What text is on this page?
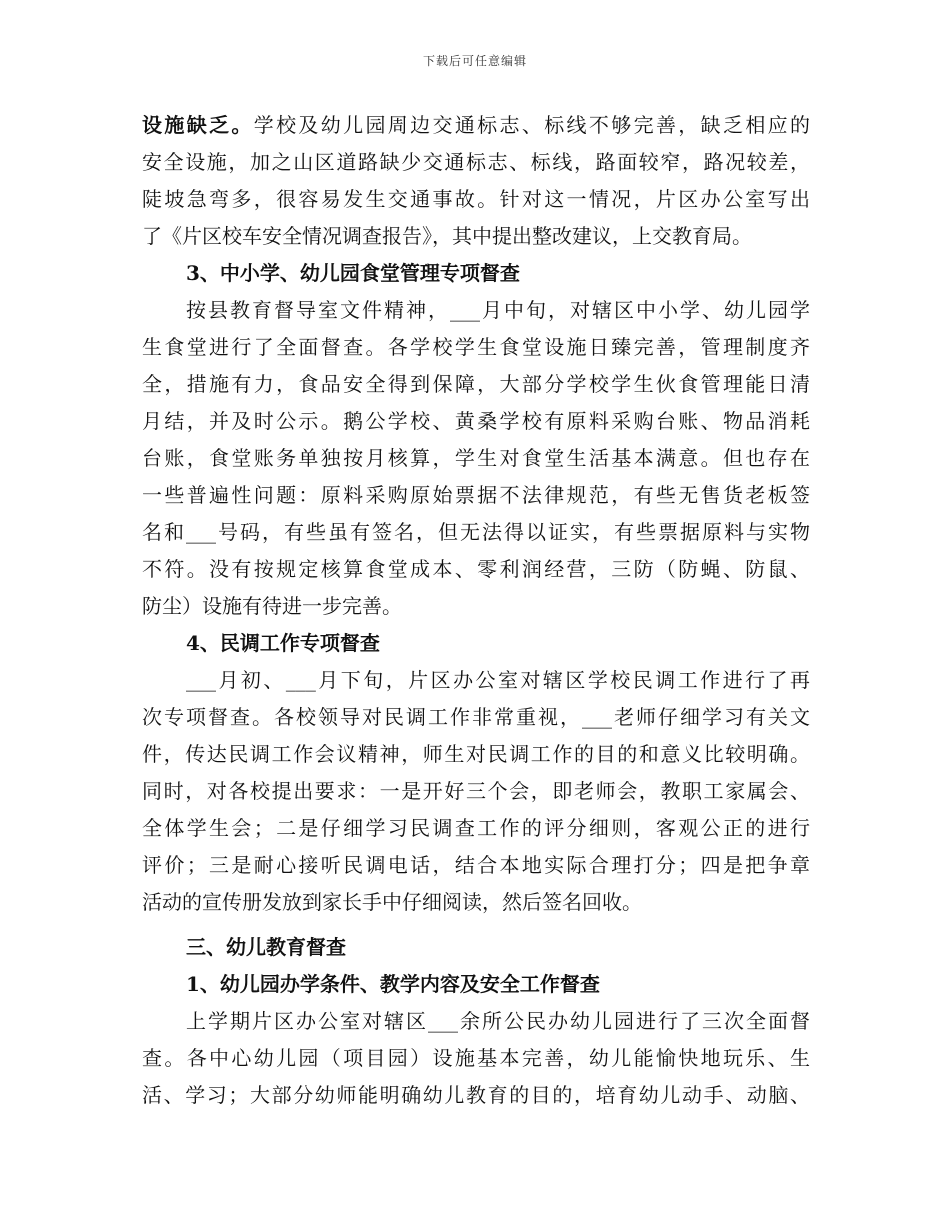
下载后可任意编辑
设施缺乏。学校及幼儿园周边交通标志、标线不够完善，缺乏相应的
安全设施，加之山区道路缺少交通标志、标线，路面较窄，路况较差，
陡坡急弯多，很容易发生交通事故。针对这一情况，片区办公室写出
了《片区校车安全情况调查报告》，其中提出整改建议，上交教育局。
3、中小学、幼儿园食堂管理专项督查
按县教育督导室文件精神，___月中旬，对辖区中小学、幼儿园学
生食堂进行了全面督查。各学校学生食堂设施日臻完善，管理制度齐
全，措施有力，食品安全得到保障，大部分学校学生伙食管理能日清
月结，并及时公示。鹅公学校、黄桑学校有原料采购台账、物品消耗
台账，食堂账务单独按月核算，学生对食堂生活基本满意。但也存在
一些普遍性问题：原料采购原始票据不法律规范，有些无售货老板签
名和___号码，有些虽有签名，但无法得以证实，有些票据原料与实物
不符。没有按规定核算食堂成本、零利润经营，三防（防蝇、防鼠、
防尘）设施有待进一步完善。
4、民调工作专项督查
___月初、___月下旬，片区办公室对辖区学校民调工作进行了再
次专项督查。各校领导对民调工作非常重视，___老师仔细学习有关文
件，传达民调工作会议精神，师生对民调工作的目的和意义比较明确。
同时，对各校提出要求：一是开好三个会，即老师会，教职工家属会、
全体学生会；二是仔细学习民调查工作的评分细则，客观公正的进行
评价；三是耐心接听民调电话，结合本地实际合理打分；四是把争章
活动的宣传册发放到家长手中仔细阅读，然后签名回收。
三、幼儿教育督查
1、幼儿园办学条件、教学内容及安全工作督查
上学期片区办公室对辖区___余所公民办幼儿园进行了三次全面督
查。各中心幼儿园（项目园）设施基本完善，幼儿能愉快地玩乐、生
活、学习；大部分幼师能明确幼儿教育的目的，培育幼儿动手、动脑、
